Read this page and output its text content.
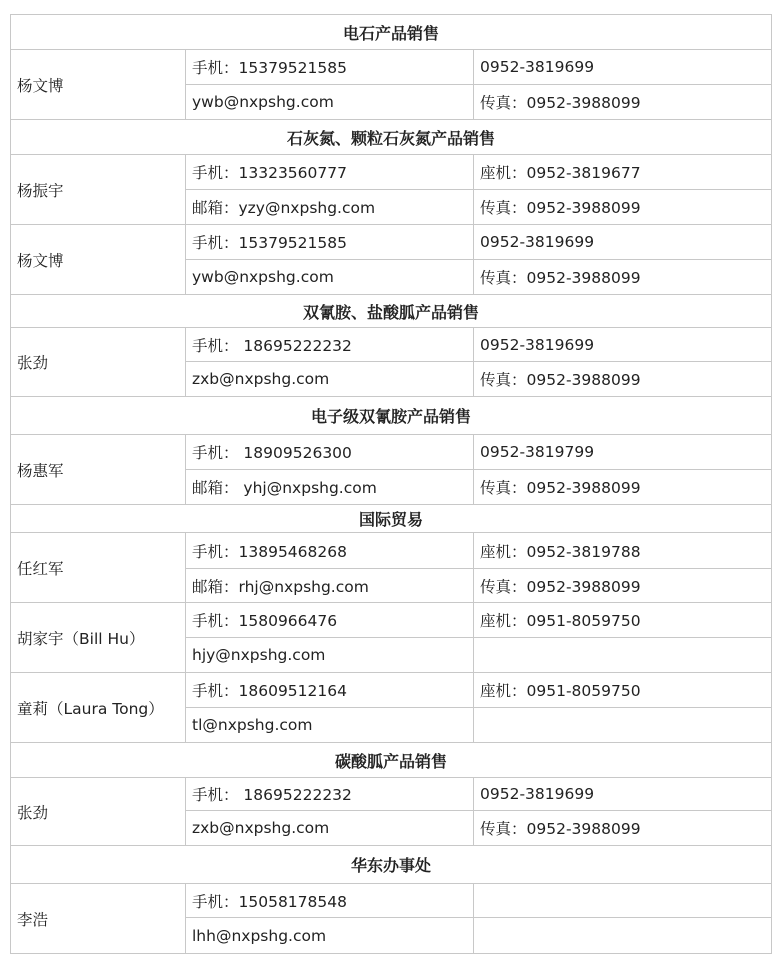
电石产品销售		
杨文博	手机：15379521585	0952-3819699
	ywb@nxpshg.com	传真：0952-3988099
石灰氮、颗粒石灰氮产品销售		
杨振宇	手机：13323560777	座机：0952-3819677
	邮箱：yzy@nxpshg.com	传真：0952-3988099
杨文博	手机：15379521585	0952-3819699
	ywb@nxpshg.com	传真：0952-3988099
双氰胺、盐酸胍产品销售		
张劲	手机： 18695222232	0952-3819699
	zxb@nxpshg.com	传真：0952-3988099
电子级双氰胺产品销售		
杨惠军	手机： 18909526300	0952-3819799
	邮箱： yhj@nxpshg.com	传真：0952-3988099
国际贸易		
任红军	手机：13895468268	座机：0952-3819788
	邮箱：rhj@nxpshg.com	传真：0952-3988099
胡家宇（Bill Hu）	手机：1580966476	座机：0951-8059750
	hjy@nxpshg.com	
童莉（Laura Tong）	手机：18609512164	座机：0951-8059750
	tl@nxpshg.com	
碳酸胍产品销售		
张劲	手机： 18695222232	0952-3819699
	zxb@nxpshg.com	传真：0952-3988099
华东办事处		
李浩	手机：15058178548	
	lhh@nxpshg.com	
